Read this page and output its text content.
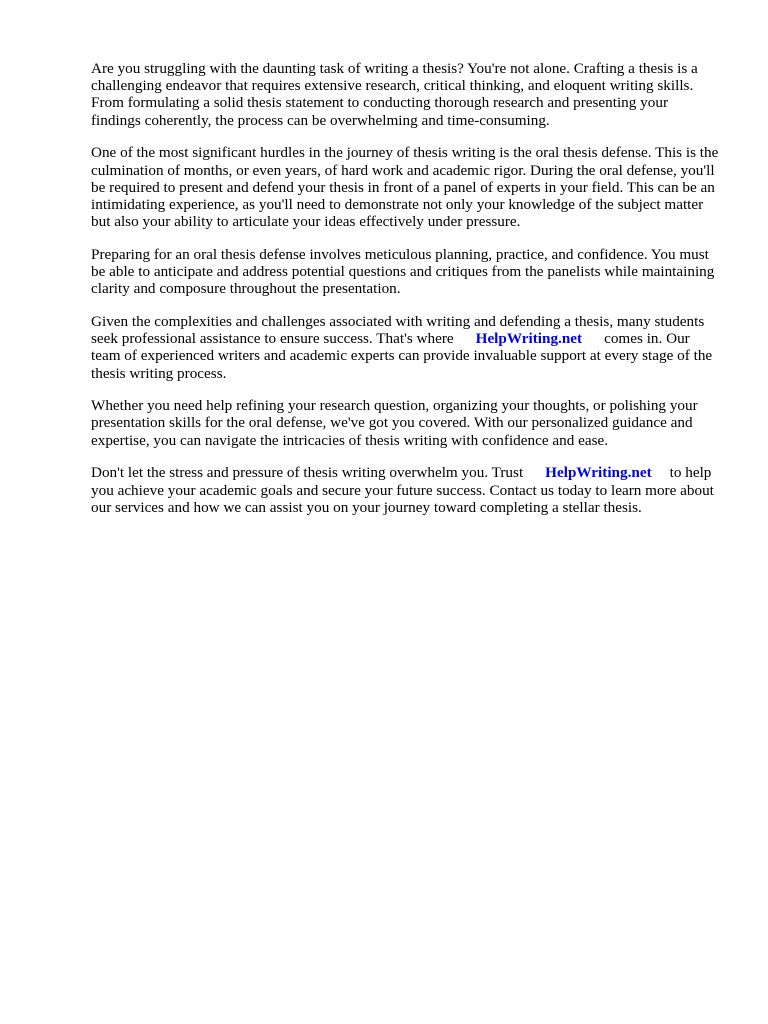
Are you struggling with the daunting task of writing a thesis? You're not alone. Crafting a thesis is a challenging endeavor that requires extensive research, critical thinking, and eloquent writing skills. From formulating a solid thesis statement to conducting thorough research and presenting your findings coherently, the process can be overwhelming and time-consuming.

One of the most significant hurdles in the journey of thesis writing is the oral thesis defense. This is the culmination of months, or even years, of hard work and academic rigor. During the oral defense, you'll be required to present and defend your thesis in front of a panel of experts in your field. This can be an intimidating experience, as you'll need to demonstrate not only your knowledge of the subject matter but also your ability to articulate your ideas effectively under pressure.

Preparing for an oral thesis defense involves meticulous planning, practice, and confidence. You must be able to anticipate and address potential questions and critiques from the panelists while maintaining clarity and composure throughout the presentation.

Given the complexities and challenges associated with writing and defending a thesis, many students seek professional assistance to ensure success. That's where HelpWriting.net comes in. Our team of experienced writers and academic experts can provide invaluable support at every stage of the thesis writing process.

Whether you need help refining your research question, organizing your thoughts, or polishing your presentation skills for the oral defense, we've got you covered. With our personalized guidance and expertise, you can navigate the intricacies of thesis writing with confidence and ease.

Don't let the stress and pressure of thesis writing overwhelm you. Trust HelpWriting.net to help you achieve your academic goals and secure your future success. Contact us today to learn more about our services and how we can assist you on your journey toward completing a stellar thesis.
